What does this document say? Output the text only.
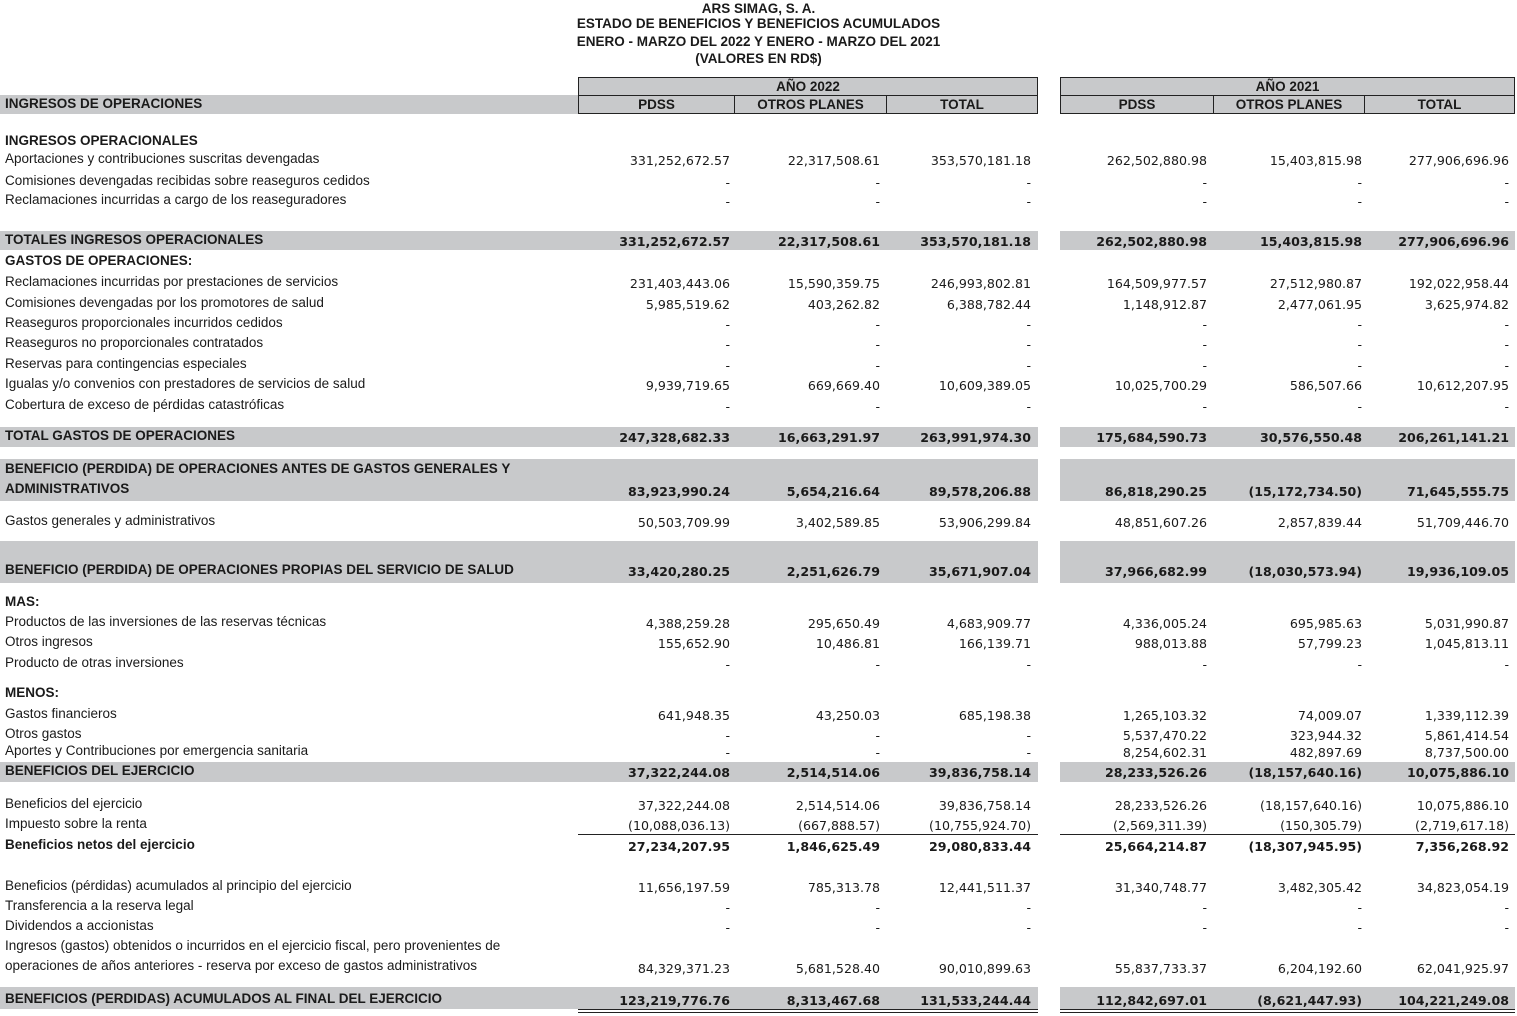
ARS SIMAG, S. A.
ESTADO DE BENEFICIOS Y BENEFICIOS ACUMULADOS
ENERO - MARZO DEL 2022 Y ENERO - MARZO DEL 2021
(VALORES EN RD$)
INGRESOS DE OPERACIONES
AÑO 2022
PDSS	OTROS PLANES	TOTAL
AÑO 2021
PDSS	OTROS PLANES	TOTAL
INGRESOS OPERACIONALES
Aportaciones y contribuciones suscritas devengadas	331,252,672.57	22,317,508.61	353,570,181.18	262,502,880.98	15,403,815.98	277,906,696.96
Comisiones devengadas recibidas sobre reaseguros cedidos	-	-	-	-	-	-
Reclamaciones incurridas a cargo de los reaseguradores	-	-	-	-	-	-
TOTALES INGRESOS OPERACIONALES	331,252,672.57	22,317,508.61	353,570,181.18	262,502,880.98	15,403,815.98	277,906,696.96
GASTOS DE OPERACIONES:
Reclamaciones incurridas por prestaciones de servicios	231,403,443.06	15,590,359.75	246,993,802.81	164,509,977.57	27,512,980.87	192,022,958.44
Comisiones devengadas por los promotores de salud	5,985,519.62	403,262.82	6,388,782.44	1,148,912.87	2,477,061.95	3,625,974.82
Reaseguros proporcionales incurridos cedidos	-	-	-	-	-	-
Reaseguros no proporcionales contratados	-	-	-	-	-	-
Reservas para contingencias especiales	-	-	-	-	-	-
Igualas y/o convenios con prestadores de servicios de salud	9,939,719.65	669,669.40	10,609,389.05	10,025,700.29	586,507.66	10,612,207.95
Cobertura de exceso de pérdidas catastróficas	-	-	-	-	-	-
TOTAL GASTOS DE OPERACIONES	247,328,682.33	16,663,291.97	263,991,974.30	175,684,590.73	30,576,550.48	206,261,141.21
BENEFICIO (PERDIDA) DE OPERACIONES ANTES DE GASTOS GENERALES Y
ADMINISTRATIVOS	83,923,990.24	5,654,216.64	89,578,206.88	86,818,290.25	(15,172,734.50)	71,645,555.75
Gastos generales y administrativos	50,503,709.99	3,402,589.85	53,906,299.84	48,851,607.26	2,857,839.44	51,709,446.70
BENEFICIO (PERDIDA) DE OPERACIONES PROPIAS DEL SERVICIO DE SALUD	33,420,280.25	2,251,626.79	35,671,907.04	37,966,682.99	(18,030,573.94)	19,936,109.05
MAS:
Productos de las inversiones de las reservas técnicas	4,388,259.28	295,650.49	4,683,909.77	4,336,005.24	695,985.63	5,031,990.87
Otros ingresos	155,652.90	10,486.81	166,139.71	988,013.88	57,799.23	1,045,813.11
Producto de otras inversiones	-	-	-	-	-	-
MENOS:
Gastos financieros	641,948.35	43,250.03	685,198.38	1,265,103.32	74,009.07	1,339,112.39
Otros gastos	-	-	-	5,537,470.22	323,944.32	5,861,414.54
Aportes y Contribuciones por emergencia sanitaria	-	-	-	8,254,602.31	482,897.69	8,737,500.00
BENEFICIOS DEL EJERCICIO	37,322,244.08	2,514,514.06	39,836,758.14	28,233,526.26	(18,157,640.16)	10,075,886.10
Beneficios del ejercicio	37,322,244.08	2,514,514.06	39,836,758.14	28,233,526.26	(18,157,640.16)	10,075,886.10
Impuesto sobre la renta	(10,088,036.13)	(667,888.57)	(10,755,924.70)	(2,569,311.39)	(150,305.79)	(2,719,617.18)
Beneficios netos del ejercicio	27,234,207.95	1,846,625.49	29,080,833.44	25,664,214.87	(18,307,945.95)	7,356,268.92
Beneficios (pérdidas) acumulados al principio del ejercicio	11,656,197.59	785,313.78	12,441,511.37	31,340,748.77	3,482,305.42	34,823,054.19
Transferencia a la reserva legal	-	-	-	-	-	-
Dividendos a accionistas	-	-	-	-	-	-
Ingresos (gastos) obtenidos o incurridos en el ejercicio fiscal, pero provenientes de
operaciones de años anteriores - reserva por exceso de gastos administrativos	84,329,371.23	5,681,528.40	90,010,899.63	55,837,733.37	6,204,192.60	62,041,925.97
BENEFICIOS (PERDIDAS) ACUMULADOS AL FINAL DEL EJERCICIO	123,219,776.76	8,313,467.68	131,533,244.44	112,842,697.01	(8,621,447.93)	104,221,249.08
